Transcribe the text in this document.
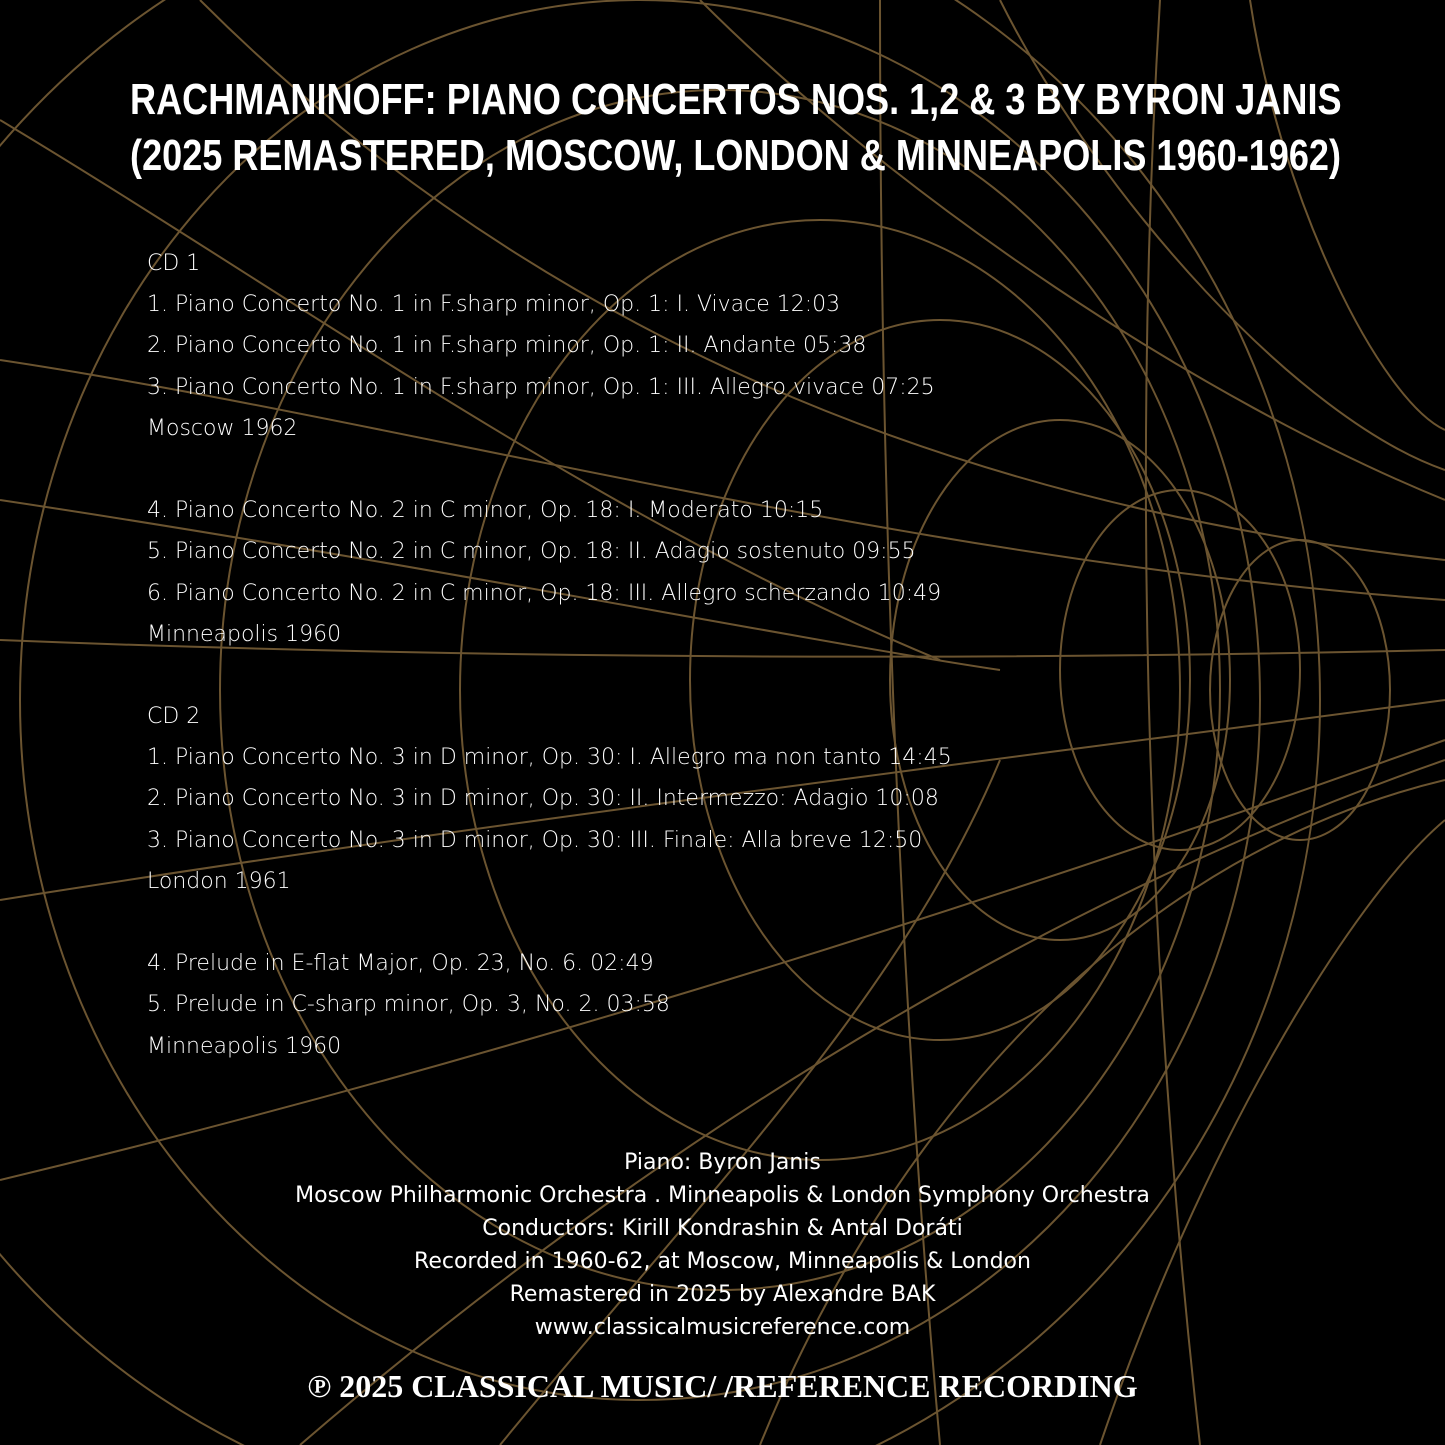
RACHMANINOFF: PIANO CONCERTOS NOS. 1,2 & 3 BY BYRON JANIS
(2025 REMASTERED, MOSCOW, LONDON & MINNEAPOLIS 1960-1962)
CD 1
1. Piano Concerto No. 1 in F.sharp minor, Op. 1: I. Vivace 12:03
2. Piano Concerto No. 1 in F.sharp minor, Op. 1: II. Andante 05:38
3. Piano Concerto No. 1 in F.sharp minor, Op. 1: III. Allegro vivace 07:25
Moscow 1962
4. Piano Concerto No. 2 in C minor, Op. 18: I. Moderato 10:15
5. Piano Concerto No. 2 in C minor, Op. 18: II. Adagio sostenuto 09:55
6. Piano Concerto No. 2 in C minor, Op. 18: III. Allegro scherzando 10:49
Minneapolis 1960
CD 2
1. Piano Concerto No. 3 in D minor, Op. 30: I. Allegro ma non tanto 14:45
2. Piano Concerto No. 3 in D minor, Op. 30: II. Intermezzo: Adagio 10:08
3. Piano Concerto No. 3 in D minor, Op. 30: III. Finale: Alla breve 12:50
London 1961
4. Prelude in E-flat Major, Op. 23, No. 6. 02:49
5. Prelude in C-sharp minor, Op. 3, No. 2. 03:58
Minneapolis 1960
Piano: Byron Janis
Moscow Philharmonic Orchestra . Minneapolis & London Symphony Orchestra
Conductors: Kirill Kondrashin & Antal Doráti
Recorded in 1960-62, at Moscow, Minneapolis & London
Remastered in 2025 by Alexandre BAK
www.classicalmusicreference.com
℗ 2025 CLASSICAL MUSIC/ /REFERENCE RECORDING
